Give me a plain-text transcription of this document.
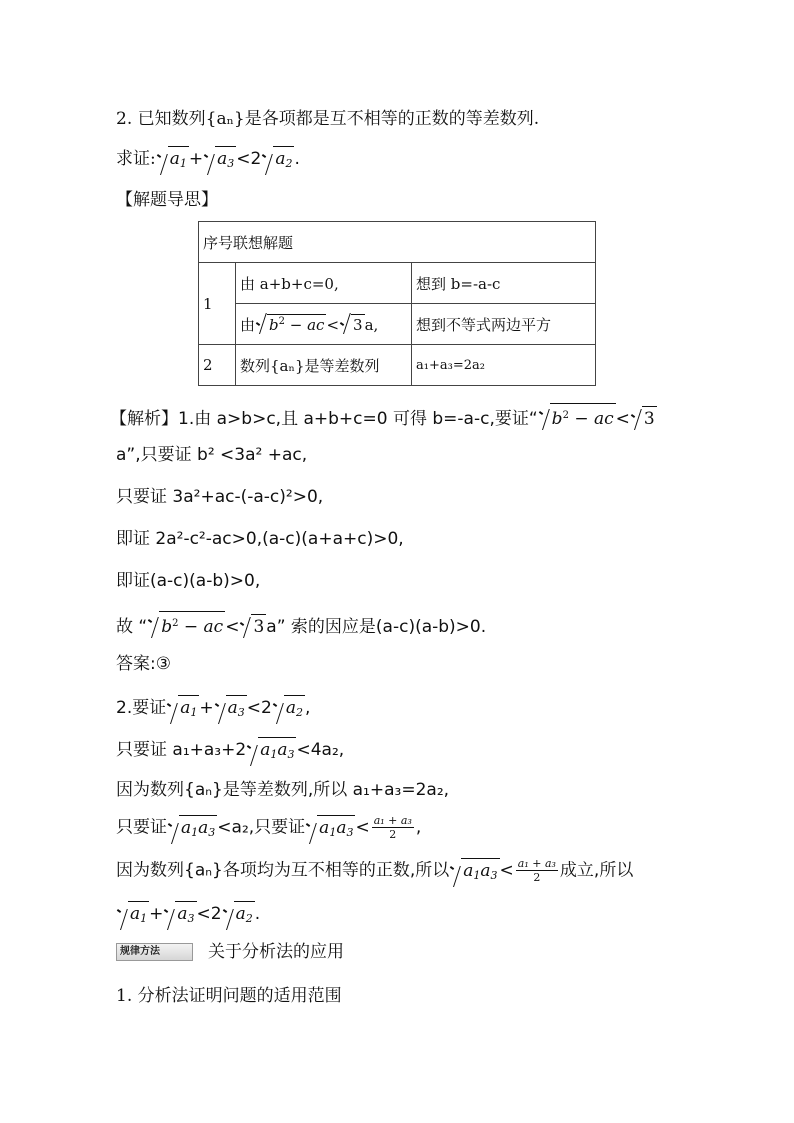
2. 已知数列{aₙ}是各项都是互不相等的正数的等差数列.
求证: $a_1 + a_3 <2$ $a_2$ .
【解题导思】
序号联想解题		
1	由 a+b+c=0,	想到 b=-a-c
	由 $b^2$ − ac < 3 a,	想到不等式两边平方
2	数列{aₙ}是等差数列	a₁+a₃=2a₂
【解析】1.由 a>b>c,且 a+b+c=0 可得 b=-a-c,要证“ $b^2$ − ac < 3
a”,只要证 b² <3a² +ac,
只要证 3a²+ac-(-a-c)²>0,
即证 2a²-c²-ac>0,(a-c)(a+a+c)>0,
即证(a-c)(a-b)>0,
故 “ $b^2$ − ac < 3 a” 索的因应是(a-c)(a-b)>0.
答案:③
2.要证 $a_1 + a_3 <2$ $a_2$ ,
只要证 a₁+a₃+2 $a_1a_3 <4a_2$,
因为数列{aₙ}是等差数列,所以 a₁+a₃=2a₂,
只要证 $a_1a_3 <a_2$,只要证 $a_1a_3 < \frac{\text{a₁ + a₃}}{2}$ ,
因为数列{aₙ}各项均为互不相等的正数,所以 $a_1a_3 < \frac{\text{a₁ + a₃}}{2}$ 成立,所以
$a_1 + a_3 <2$ $a_2$ .
规律方法	关于分析法的应用
1. 分析法证明问题的适用范围
